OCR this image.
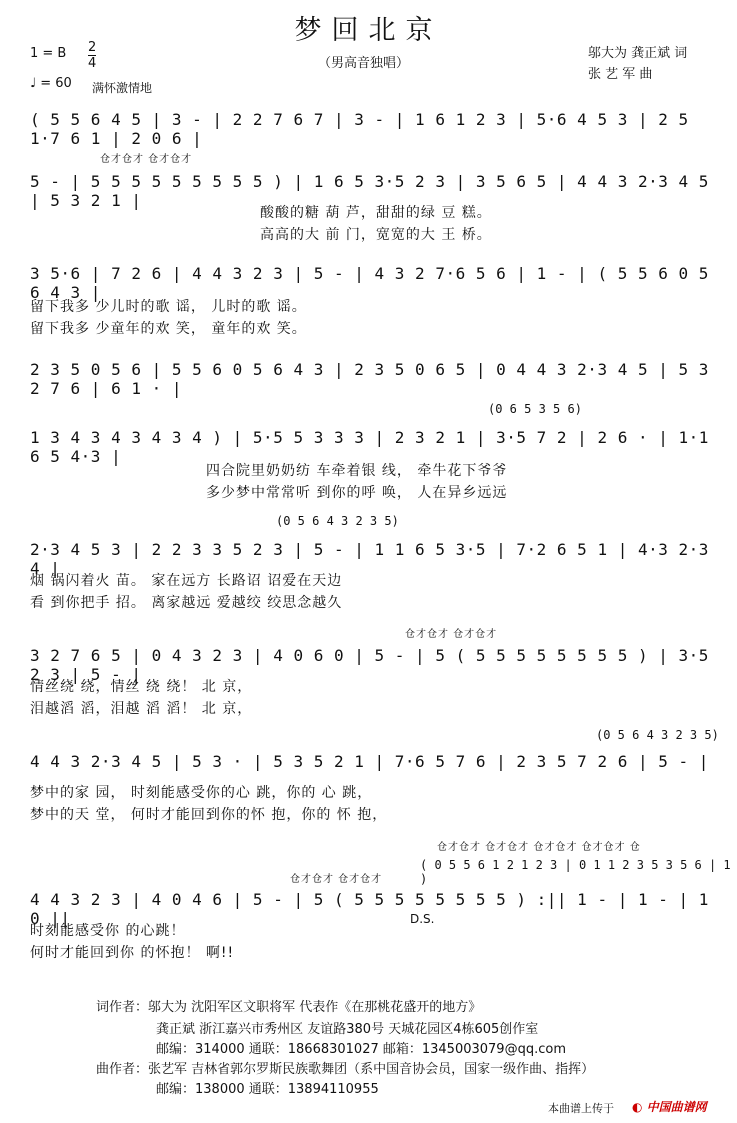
梦回北京
1 = B 2
4
♩ = 60 满怀激情地
（男高音独唱）
邬大为 龚正斌 词
张 艺 军 曲
( 5 5 6 4 5 | 3 - | 2 2 7 6 7 | 3 - | 1 6 1 2 3 | 5·6 4 5 3 | 2 5 1·7 6 1 | 2 0 6 |
仓才仓才 仓才仓才
5 - | 5 5 5 5 5 5 5 5 5 ) | 1 6 5 3·5 2 3 | 3 5 6 5 | 4 4 3 2·3 4 5 | 5 3 2 1 |
酸酸的糖 葫 芦，甜甜的绿 豆 糕。
高高的大 前 门，宽宽的大 王 桥。
3 5·6 | 7 2 6 | 4 4 3 2 3 | 5 - | 4 3 2 7·6 5 6 | 1 - | ( 5 5 6 0 5 6 4 3 |
留下我多 少儿时的歌 谣， 儿时的歌 谣。
留下我多 少童年的欢 笑， 童年的欢 笑。
2 3 5 0 5 6 | 5 5 6 0 5 6 4 3 | 2 3 5 0 6 5 | 0 4 4 3 2·3 4 5 | 5 3 2 7 6 | 6 1 · |
(0 6 5 3 5 6)
1 3 4 3 4 3 4 3 4 ) | 5·5 5 3 3 3 | 2 3 2 1 | 3·5 7 2 | 2 6 · | 1·1 6 5 4·3 |
四合院里奶奶纺 车牵着银 线， 牵牛花下爷爷
多少梦中常常听 到你的呼 唤， 人在异乡远远
(0 5 6 4 3 2 3 5)
2·3 4 5 3 | 2 2 3 3 5 2 3 | 5 - | 1 1 6 5 3·5 | 7·2 6 5 1 | 4·3 2·3 4 |
烟 锅闪着火 苗。 家在远方 长路诏 诏爱在天边
看 到你把手 招。 离家越远 爱越绞 绞思念越久
仓才仓才 仓才仓才
3 2 7 6 5 | 0 4 3 2 3 | 4 0 6 0 | 5 - | 5 ( 5 5 5 5 5 5 5 5 ) | 3·5 2 3 | 5 - |
情丝绕 绕，情丝 绕 绕！ 北 京，
泪越滔 滔，泪越 滔 滔！ 北 京，
(0 5 6 4 3 2 3 5)
4 4 3 2·3 4 5 | 5 3 · | 5 3 5 2 1 | 7·6 5 7 6 | 2 3 5 7 2 6 | 5 - |
梦中的家 园， 时刻能感受你的心 跳，你的 心 跳，
梦中的天 堂， 何时才能回到你的怀 抱，你的 怀 抱，
仓才仓才 仓才仓才 仓才仓才 仓才仓才 仓
( 0 5 5 6 1 2 1 2 3 | 0 1 1 2 3 5 3 5 6 | 1 )
仓才仓才 仓才仓才
4 4 3 2 3 | 4 0 4 6 | 5 - | 5 ( 5 5 5 5 5 5 5 5 ) :|| 1 - | 1 - | 1 0 ||	D.S.
时刻能感受你 的心跳！
何时才能回到你 的怀抱！ 啊!!
词作者：邬大为 沈阳军区文职将军 代表作《在那桃花盛开的地方》
龚正斌 浙江嘉兴市秀州区 友谊路380号 天城花园区4栋605创作室
邮编：314000 通联：18668301027 邮箱：1345003079@qq.com
曲作者：张艺军 吉林省郭尔罗斯民族歌舞团（系中国音协会员，国家一级作曲、指挥）
邮编：138000 通联：13894110955
本曲谱上传于 ◐ 中国曲谱网
